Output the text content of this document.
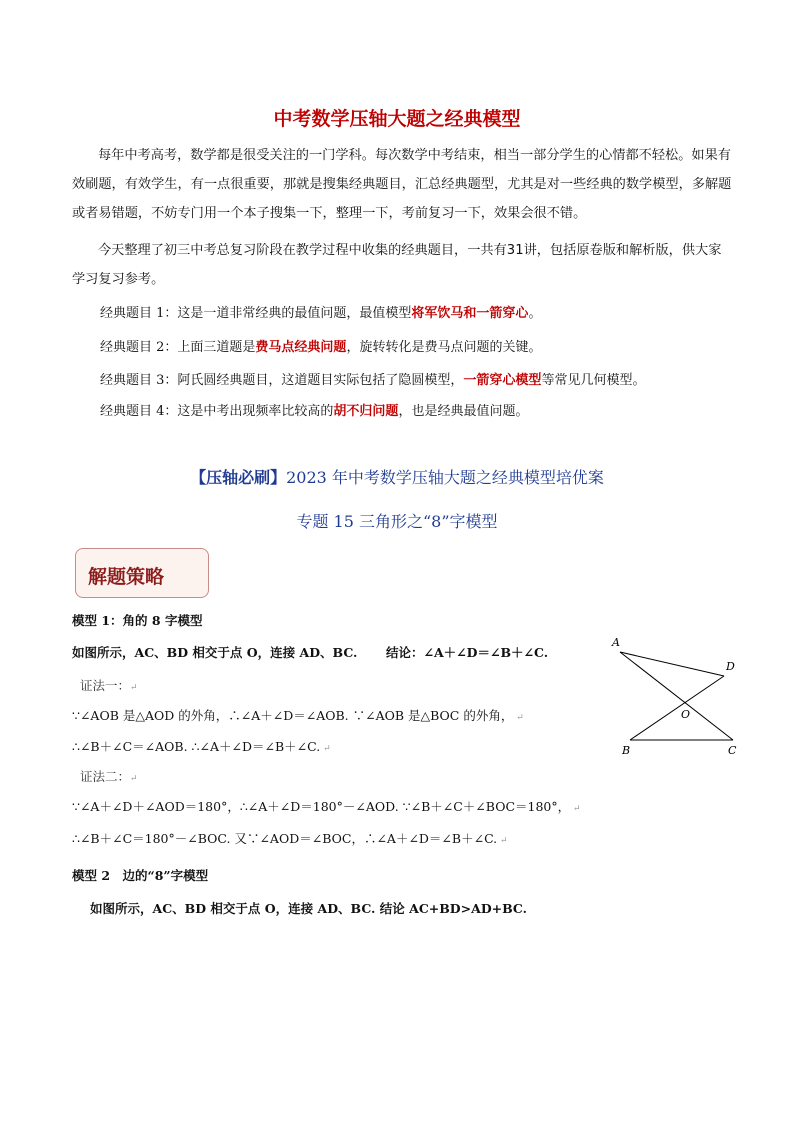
中考数学压轴大题之经典模型
每年中考高考，数学都是很受关注的一门学科。每次数学中考结束，相当一部分学生的心情都不轻松。如果有效刷题，有效学生，有一点很重要，那就是搜集经典题目，汇总经典题型，尤其是对一些经典的数学模型，多解题或者易错题，不妨专门用一个本子搜集一下，整理一下，考前复习一下，效果会很不错。
今天整理了初三中考总复习阶段在教学过程中收集的经典题目，一共有31讲，包括原卷版和解析版，供大家学习复习参考。
经典题目 1：这是一道非常经典的最值问题，最值模型将军饮马和一箭穿心。
经典题目 2：上面三道题是费马点经典问题，旋转转化是费马点问题的关键。
经典题目 3：阿氏圆经典题目，这道题目实际包括了隐圆模型，一箭穿心模型等常见几何模型。
经典题目 4：这是中考出现频率比较高的胡不归问题，也是经典最值问题。
【压轴必刷】2023 年中考数学压轴大题之经典模型培优案
专题 15 三角形之“8”字模型
解题策略
模型 1：角的 8 字模型
如图所示，AC、BD 相交于点 O，连接 AD、BC. 结论：∠A＋∠D＝∠B＋∠C.
证法一：↵
∵∠AOB 是△AOD 的外角，∴∠A＋∠D＝∠AOB. ∵∠AOB 是△BOC 的外角， ↵
∴∠B＋∠C＝∠AOB. ∴∠A＋∠D＝∠B＋∠C. ↵
证法二：↵
∵∠A＋∠D＋∠AOD＝180°，∴∠A＋∠D＝180°－∠AOD. ∵∠B＋∠C＋∠BOC＝180°， ↵
∴∠B＋∠C＝180°－∠BOC. 又∵∠AOD＝∠BOC，∴∠A＋∠D＝∠B＋∠C. ↵
模型 2　边的“8”字模型
如图所示，AC、BD 相交于点 O，连接 AD、BC. 结论 AC+BD>AD+BC.
A
D
O
B	C
